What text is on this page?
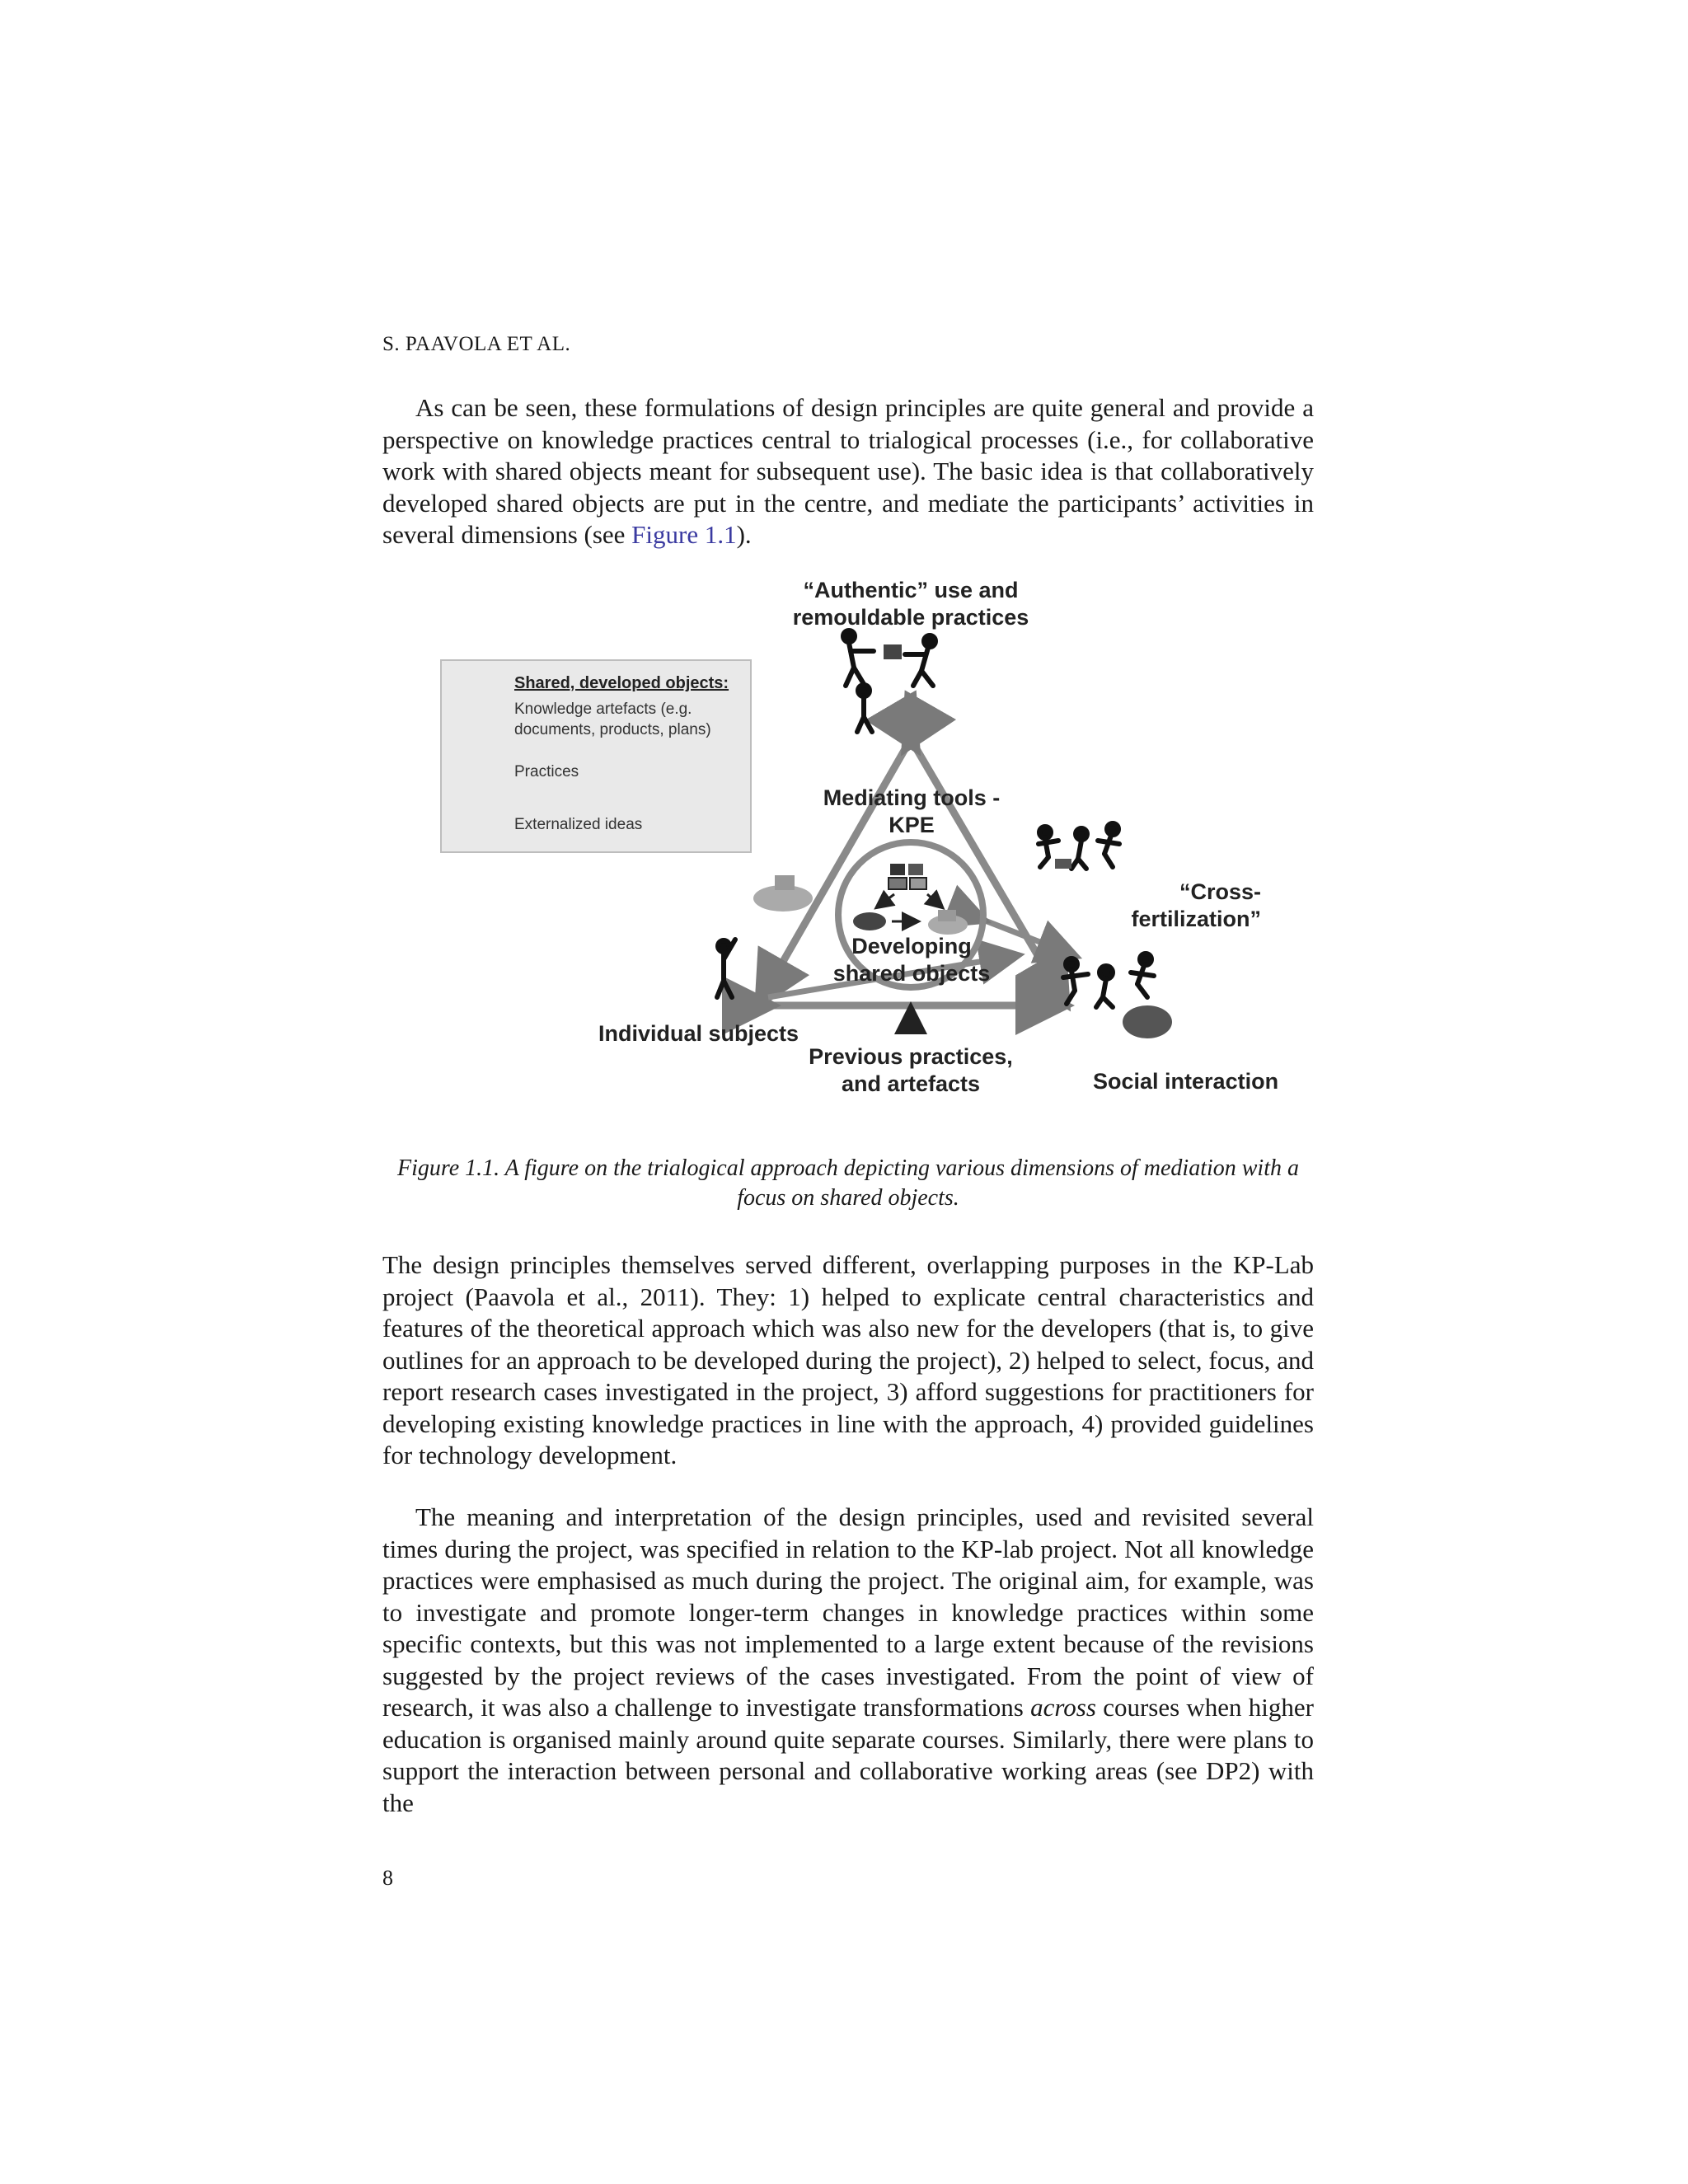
S. PAAVOLA ET AL.

As can be seen, these formulations of design principles are quite general and provide a perspective on knowledge practices central to trialogical processes (i.e., for collaborative work with shared objects meant for subsequent use). The basic idea is that collaboratively developed shared objects are put in the centre, and mediate the participants’ activities in several dimensions (see Figure 1.1).

Shared, developed objects:
Knowledge artefacts (e.g. documents, products, plans)
Practices
Externalized ideas
“Authentic” use and remouldable practices
Mediating tools - KPE
Developing shared objects
“Cross-fertilization”
Individual subjects
Previous practices, and artefacts	Social interaction
Figure 1.1. A figure on the trialogical approach depicting various dimensions of mediation with a focus on shared objects.

The design principles themselves served different, overlapping purposes in the KP-Lab project (Paavola et al., 2011). They: 1) helped to explicate central characteristics and features of the theoretical approach which was also new for the developers (that is, to give outlines for an approach to be developed during the project), 2) helped to select, focus, and report research cases investigated in the project, 3) afford suggestions for practitioners for developing existing knowledge practices in line with the approach, 4) provided guidelines for technology development.

The meaning and interpretation of the design principles, used and revisited several times during the project, was specified in relation to the KP-lab project. Not all knowledge practices were emphasised as much during the project. The original aim, for example, was to investigate and promote longer-term changes in knowledge practices within some specific contexts, but this was not implemented to a large extent because of the revisions suggested by the project reviews of the cases investigated. From the point of view of research, it was also a challenge to investigate transformations across courses when higher education is organised mainly around quite separate courses. Similarly, there were plans to support the interaction between personal and collaborative working areas (see DP2) with the

8
